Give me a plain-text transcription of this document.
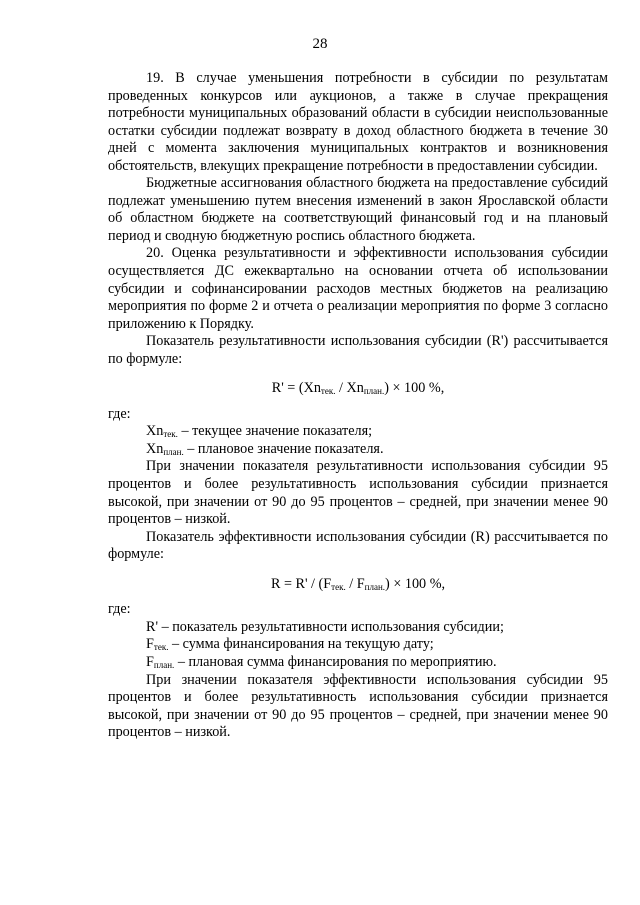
28

19. В случае уменьшения потребности в субсидии по результатам проведенных конкурсов или аукционов, а также в случае прекращения потребности муниципальных образований области в субсидии неиспользованные остатки субсидии подлежат возврату в доход областного бюджета в течение 30 дней с момента заключения муниципальных контрактов и возникновения обстоятельств, влекущих прекращение потребности в предоставлении субсидии.

Бюджетные ассигнования областного бюджета на предоставление субсидий подлежат уменьшению путем внесения изменений в закон Ярославской области об областном бюджете на соответствующий финансовый год и на плановый период и сводную бюджетную роспись областного бюджета.

20. Оценка результативности и эффективности использования субсидии осуществляется ДС ежеквартально на основании отчета об использовании субсидии и софинансировании расходов местных бюджетов на реализацию мероприятия по форме 2 и отчета о реализации мероприятия по форме 3 согласно приложению к Порядку.

Показатель результативности использования субсидии (R') рассчитывается по формуле:

$R' = (Xn_{тек.} / Xn_{план.}) \times 100$ %,

где:

$Xn_{тек.}$ – текущее значение показателя;

$Xn_{план.}$ – плановое значение показателя.

При значении показателя результативности использования субсидии 95 процентов и более результативность использования субсидии признается высокой, при значении от 90 до 95 процентов – средней, при значении менее 90 процентов – низкой.

Показатель эффективности использования субсидии (R) рассчитывается по формуле:

$R = R' / (F_{тек.} / F_{план.}) \times 100$ %,

где:

R' – показатель результативности использования субсидии;

$F_{тек.}$ – сумма финансирования на текущую дату;

$F_{план.}$ – плановая сумма финансирования по мероприятию.

При значении показателя эффективности использования субсидии 95 процентов и более результативность использования субсидии признается высокой, при значении от 90 до 95 процентов – средней, при значении менее 90 процентов – низкой.
